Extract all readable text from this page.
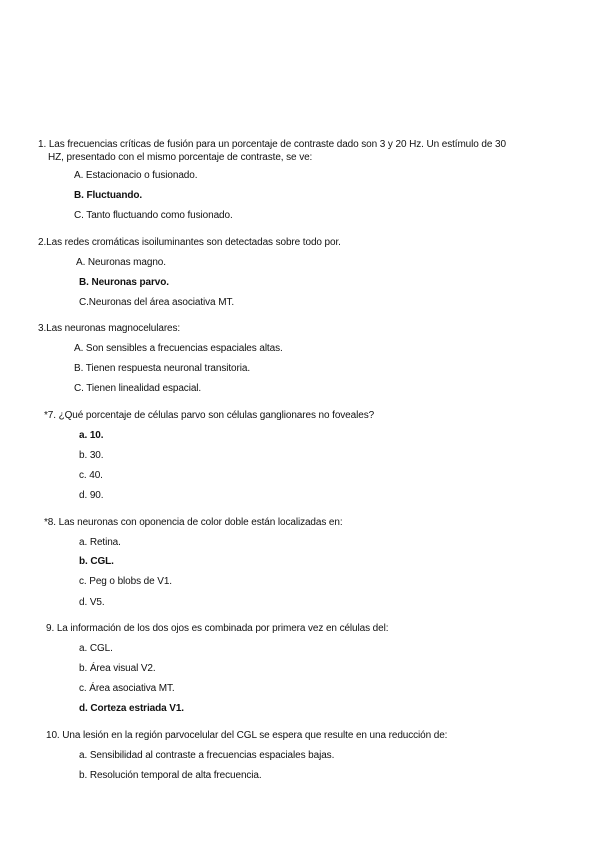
1. Las frecuencias críticas de fusión para un porcentaje de contraste dado son 3 y 20 Hz. Un estímulo de 30
HZ, presentado con el mismo porcentaje de contraste, se ve:
A. Estacionacio o fusionado.
B. Fluctuando.
C. Tanto fluctuando como fusionado.
2.Las redes cromáticas isoiluminantes son detectadas sobre todo por.
A. Neuronas magno.
B. Neuronas parvo.
C.Neuronas del área asociativa MT.
3.Las neuronas magnocelulares:
A. Son sensibles a frecuencias espaciales altas.
B. Tienen respuesta neuronal transitoria.
C. Tienen linealidad espacial.
*7. ¿Qué porcentaje de células parvo son células ganglionares no foveales?
a. 10.
b. 30.
c. 40.
d. 90.
*8. Las neuronas con oponencia de color doble están localizadas en:
a. Retina.
b. CGL.
c. Peg o blobs de V1.
d. V5.
9. La información de los dos ojos es combinada por primera vez en células del:
a. CGL.
b. Área visual V2.
c. Área asociativa MT.
d. Corteza estriada V1.
10. Una lesión en la región parvocelular del CGL se espera que resulte en una reducción de:
a. Sensibilidad al contraste a frecuencias espaciales bajas.
b. Resolución temporal de alta frecuencia.
